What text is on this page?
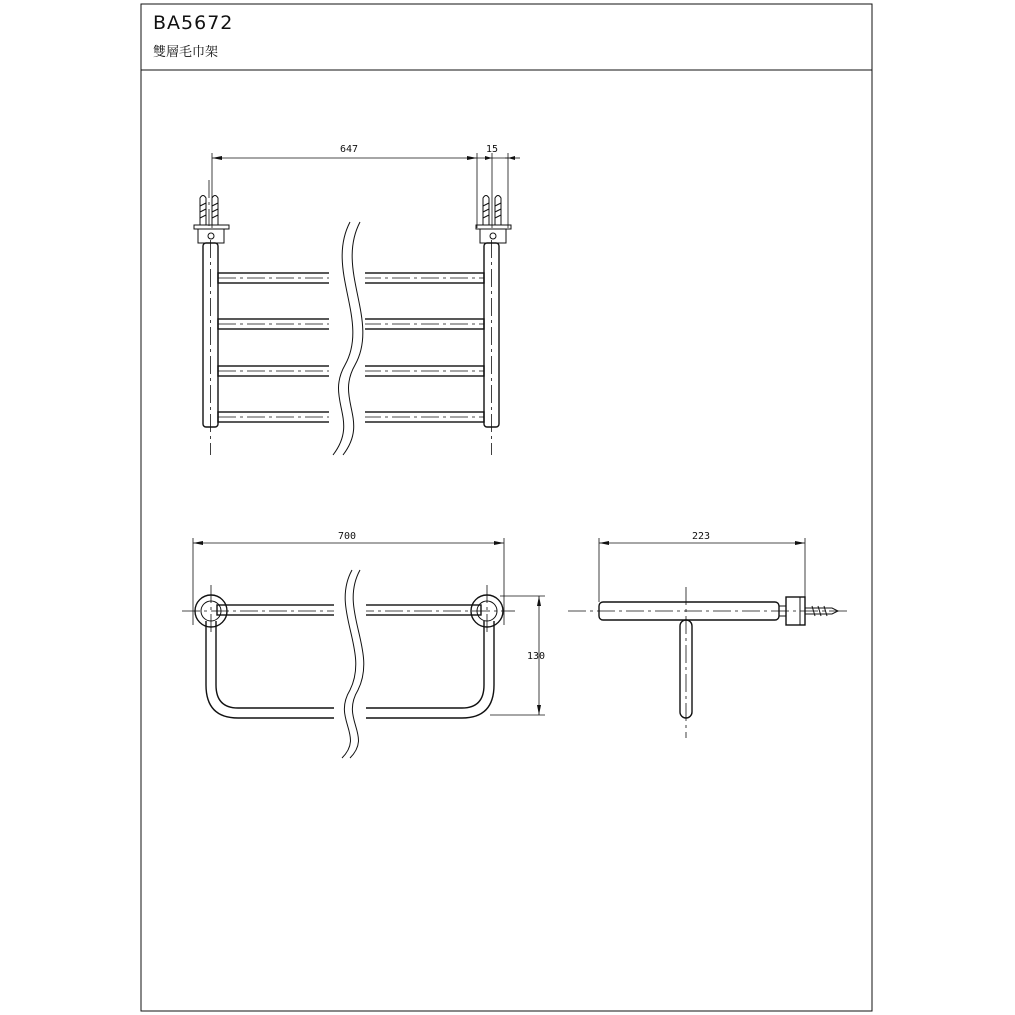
647	15
700
130
223
BA5672
雙層毛巾架
